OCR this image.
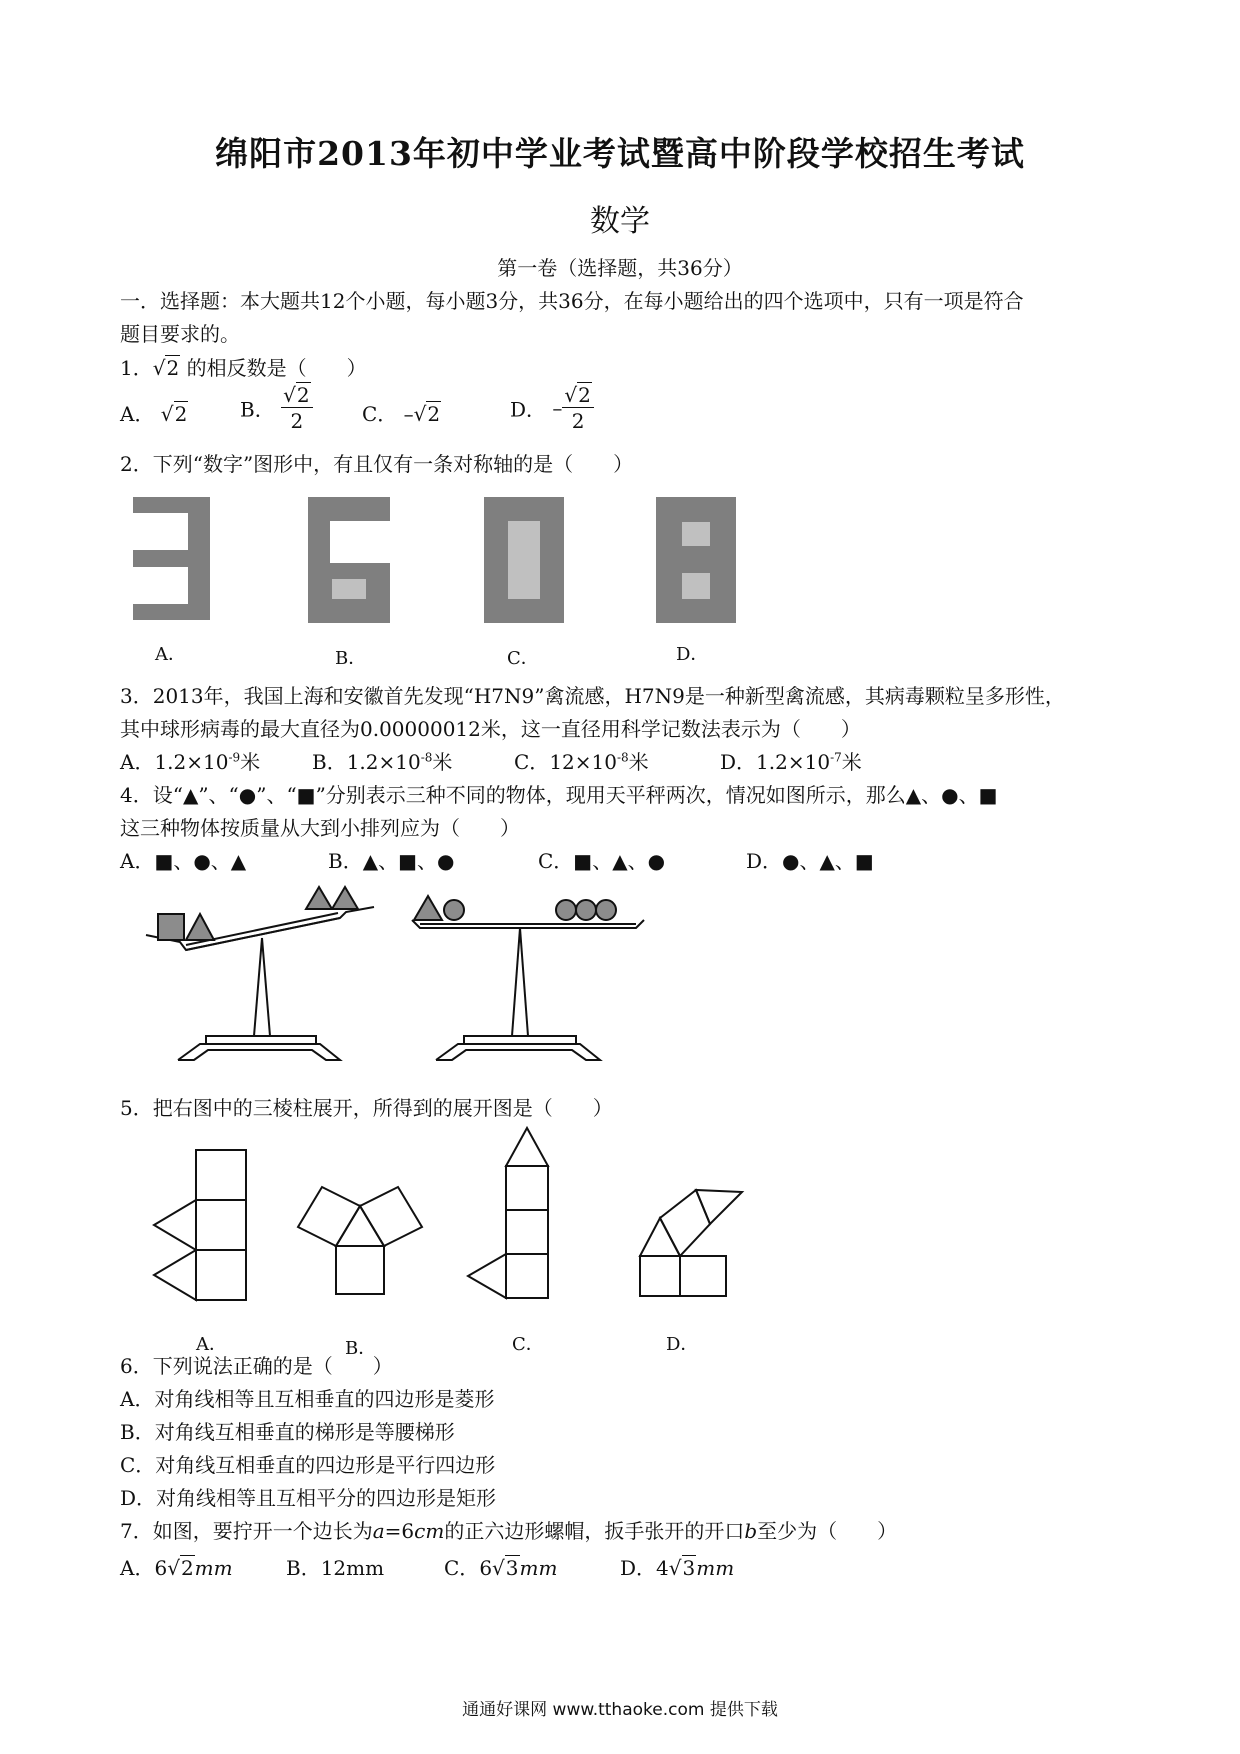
绵阳市2013年初中学业考试暨高中阶段学校招生考试
数学
第一卷（选择题，共36分）
一．选择题：本大题共12个小题，每小题3分，共36分，在每小题给出的四个选项中，只有一项是符合
题目要求的。
1．√2 的相反数是（　　）
A． √2	B． $\frac{√2}{2}$ C． –√2	D． – $\frac{√2}{2}$
2．下列“数字”图形中，有且仅有一条对称轴的是（　　）
A．	B．	C．	D．
3．2013年，我国上海和安徽首先发现“H7N9”禽流感，H7N9是一种新型禽流感，其病毒颗粒呈多形性，
其中球形病毒的最大直径为0.00000012米，这一直径用科学记数法表示为（　　）
A．$1.2\times 10^{-9}$米	B．$1.2\times 10^{-8}$米	C．$12\times 10^{-8}$米	D．$1.2\times 10^{-7}$米
4．设“▲”、“●”、“■”分别表示三种不同的物体，现用天平秤两次，情况如图所示，那么▲、●、■
这三种物体按质量从大到小排列应为（　　）
A．■、●、▲	B．▲、■、●	C．■、▲、●	D．●、▲、■
5．把右图中的三棱柱展开，所得到的展开图是（　　）
A．	B．	C．	D．
6．下列说法正确的是（　　）
A．对角线相等且互相垂直的四边形是菱形
B．对角线互相垂直的梯形是等腰梯形
C．对角线互相垂直的四边形是平行四边形
D．对角线相等且互相平分的四边形是矩形
7．如图，要拧开一个边长为a=6cm的正六边形螺帽，扳手张开的开口b至少为（　　）
A．6√2mm	B．12mm	C．6√3mm	D．4√3mm
通通好课网 www.tthaoke.com 提供下载
